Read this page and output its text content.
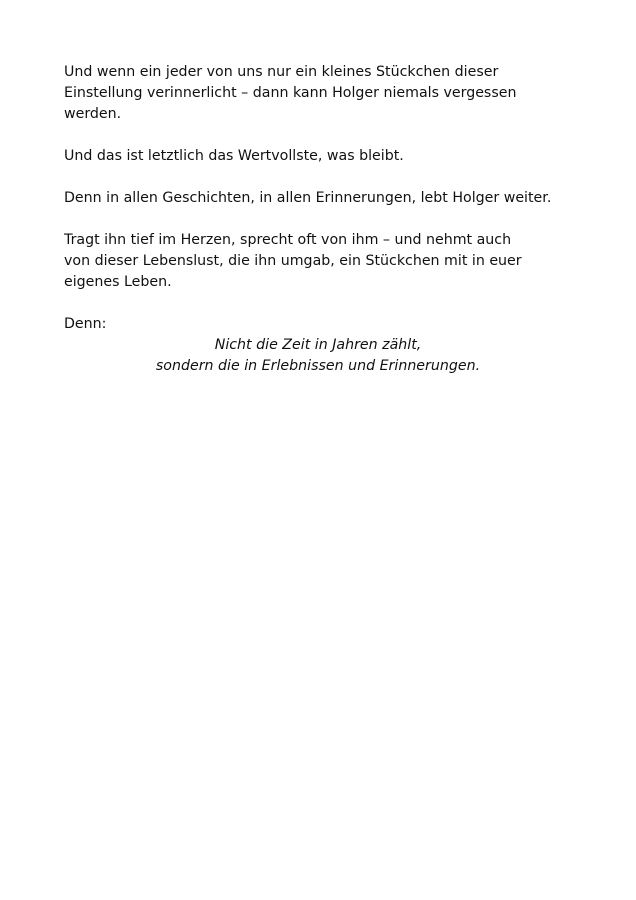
Und wenn ein jeder von uns nur ein kleines Stückchen dieser
Einstellung verinnerlicht – dann kann Holger niemals vergessen
werden.

Und das ist letztlich das Wertvollste, was bleibt.

Denn in allen Geschichten, in allen Erinnerungen, lebt Holger weiter.

Tragt ihn tief im Herzen, sprecht oft von ihm – und nehmt auch
von dieser Lebenslust, die ihn umgab, ein Stückchen mit in euer
eigenes Leben.

Denn:

Nicht die Zeit in Jahren zählt,
sondern die in Erlebnissen und Erinnerungen.
